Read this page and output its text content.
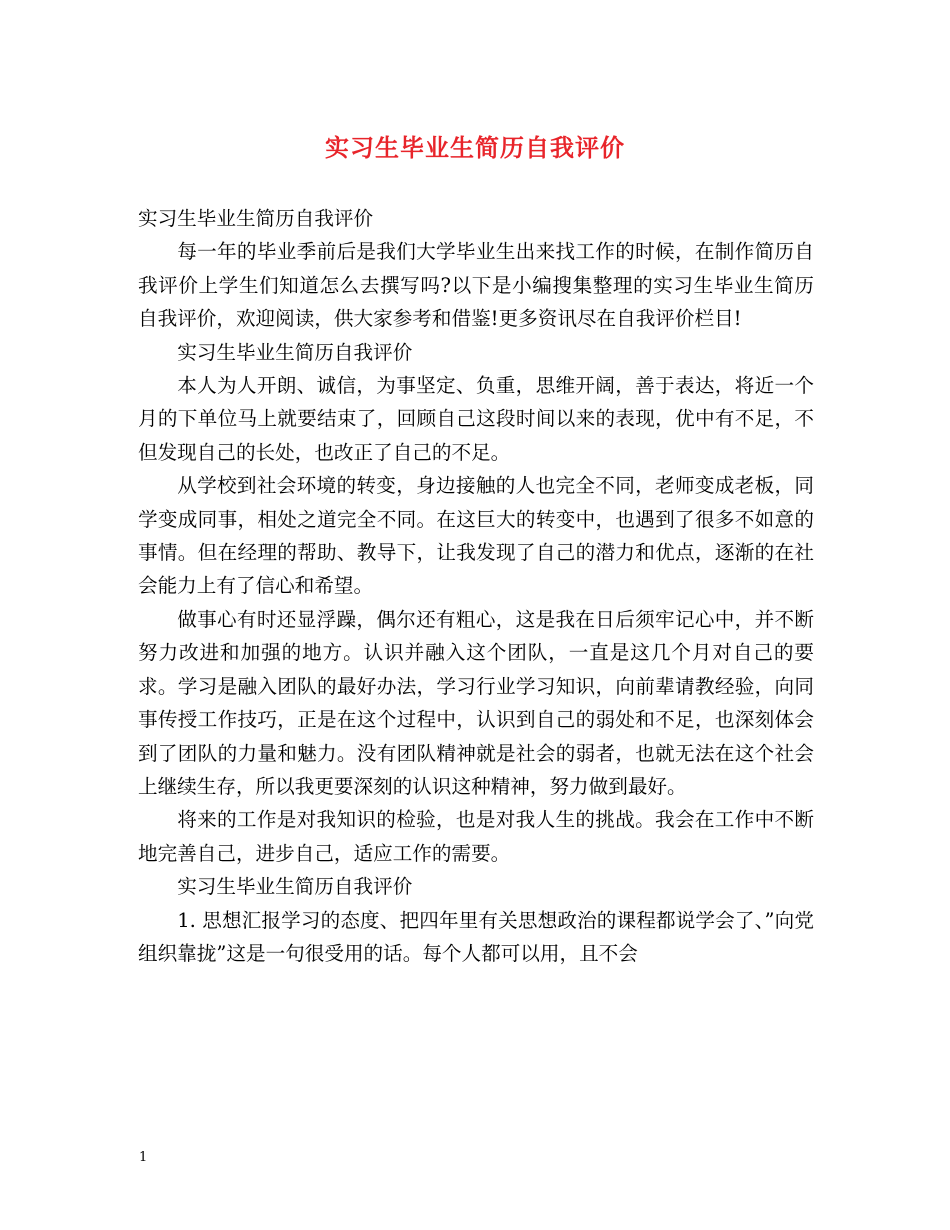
实习生毕业生简历自我评价

实习生毕业生简历自我评价

每一年的毕业季前后是我们大学毕业生出来找工作的时候，在制作简历自我评价上学生们知道怎么去撰写吗?以下是小编搜集整理的实习生毕业生简历自我评价，欢迎阅读，供大家参考和借鉴!更多资讯尽在自我评价栏目!

实习生毕业生简历自我评价

本人为人开朗、诚信，为事坚定、负重，思维开阔，善于表达，将近一个月的下单位马上就要结束了，回顾自己这段时间以来的表现，优中有不足，不但发现自己的长处，也改正了自己的不足。

从学校到社会环境的转变，身边接触的人也完全不同，老师变成老板，同学变成同事，相处之道完全不同。在这巨大的转变中，也遇到了很多不如意的事情。但在经理的帮助、教导下，让我发现了自己的潜力和优点，逐渐的在社会能力上有了信心和希望。

做事心有时还显浮躁，偶尔还有粗心，这是我在日后须牢记心中，并不断努力改进和加强的地方。认识并融入这个团队，一直是这几个月对自己的要求。学习是融入团队的最好办法，学习行业学习知识，向前辈请教经验，向同事传授工作技巧，正是在这个过程中，认识到自己的弱处和不足，也深刻体会到了团队的力量和魅力。没有团队精神就是社会的弱者，也就无法在这个社会上继续生存，所以我更要深刻的认识这种精神，努力做到最好。

将来的工作是对我知识的检验，也是对我人生的挑战。我会在工作中不断地完善自己，进步自己，适应工作的需要。

实习生毕业生简历自我评价

1. 思想汇报学习的态度、把四年里有关思想政治的课程都说学会了、”向党组织靠拢”这是一句很受用的话。每个人都可以用，且不会

1
